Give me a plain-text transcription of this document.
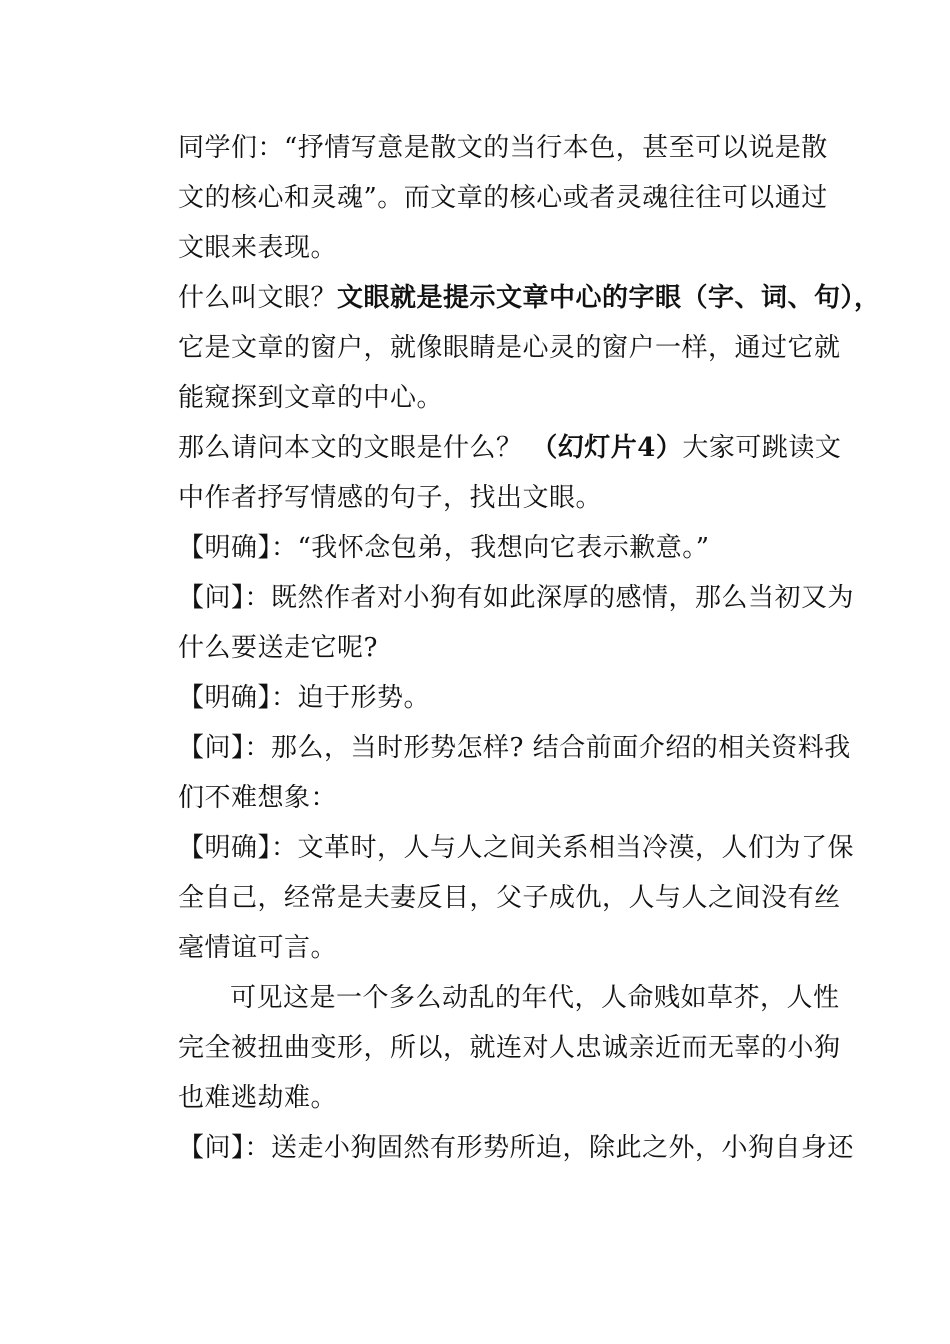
同学们：“抒情写意是散文的当行本色，甚至可以说是散
文的核心和灵魂”。而文章的核心或者灵魂往往可以通过
文眼来表现。
什么叫文眼？文眼就是提示文章中心的字眼（字、词、句），
它是文章的窗户，就像眼睛是心灵的窗户一样，通过它就
能窥探到文章的中心。
那么请问本文的文眼是什么？ （幻灯片4）大家可跳读文
中作者抒写情感的句子，找出文眼。
【明确】：“我怀念包弟，我想向它表示歉意。”
【问】：既然作者对小狗有如此深厚的感情，那么当初又为
什么要送走它呢?
【明确】：迫于形势。
【问】：那么，当时形势怎样? 结合前面介绍的相关资料我
们不难想象：
【明确】：文革时，人与人之间关系相当冷漠，人们为了保
全自己，经常是夫妻反目，父子成仇，人与人之间没有丝
毫情谊可言。
可见这是一个多么动乱的年代，人命贱如草芥，人性
完全被扭曲变形，所以，就连对人忠诚亲近而无辜的小狗
也难逃劫难。
【问】：送走小狗固然有形势所迫，除此之外，小狗自身还
